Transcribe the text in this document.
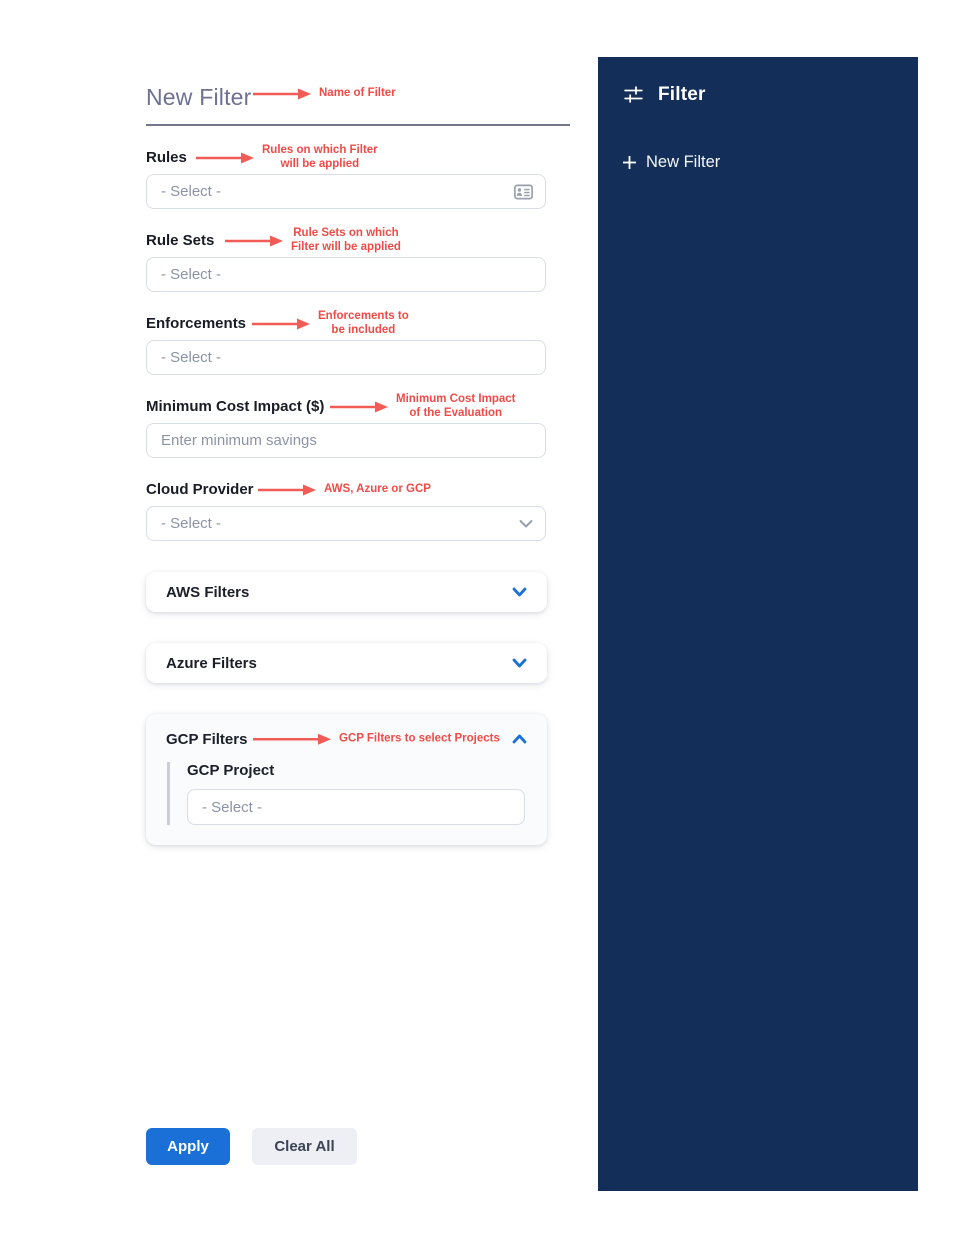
New Filter	Name of Filter
Rules	Rules on which Filter
will be applied
- Select -
Rule Sets	Rule Sets on which
Filter will be applied
- Select -
Enforcements	Enforcements to
be included
- Select -
Minimum Cost Impact ($)	Minimum Cost Impact
of the Evaluation
Enter minimum savings
Cloud Provider	AWS, Azure or GCP
- Select -
AWS Filters
Azure Filters
GCP Filters	GCP Filters to select Projects
GCP Project
- Select -
Apply	Clear All
Filter
New Filter
